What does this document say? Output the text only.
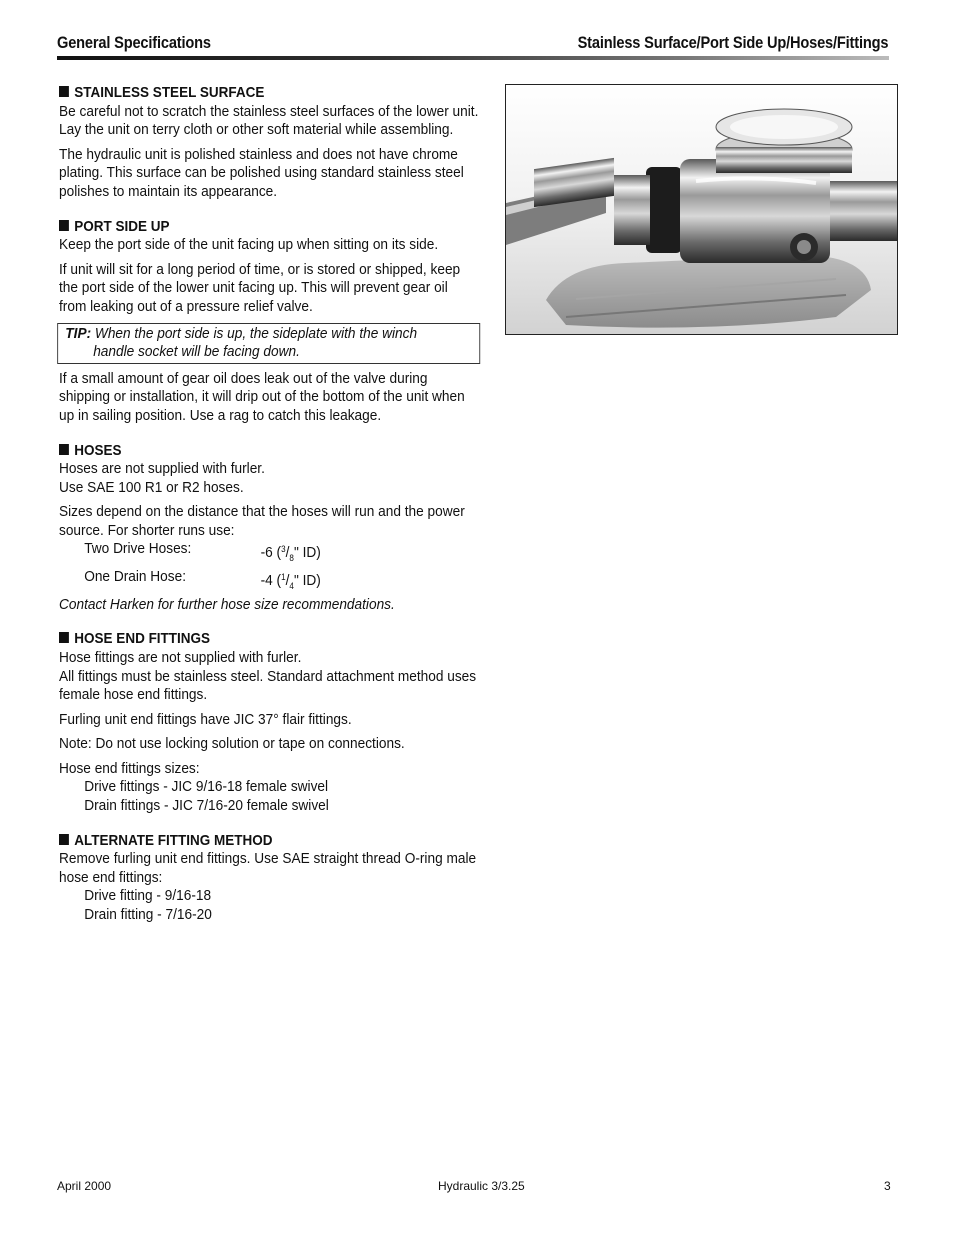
General Specifications	Stainless Surface/Port Side Up/Hoses/Fittings
STAINLESS STEEL SURFACE

Be careful not to scratch the stainless steel surfaces of the lower unit. Lay the unit on terry cloth or other soft material while assembling.

The hydraulic unit is polished stainless and does not have chrome plating. This surface can be polished using standard stainless steel polishes to maintain its appearance.

PORT SIDE UP

Keep the port side of the unit facing up when sitting on its side.

If unit will sit for a long period of time, or is stored or shipped, keep the port side of the lower unit facing up. This will prevent gear oil from leaking out of a pressure relief valve.

TIP: When the port side is up, the sideplate with the winch
handle socket will be facing down.

If a small amount of gear oil does leak out of the valve during shipping or installation, it will drip out of the bottom of the unit when up in sailing position. Use a rag to catch this leakage.

HOSES

Hoses are not supplied with furler.
Use SAE 100 R1 or R2 hoses.

Sizes depend on the distance that the hoses will run and the power source. For shorter runs use:

Two Drive Hoses:	-6 ($^3/_8$" ID)
One Drain Hose:	-4 ($^1/_4$" ID)

Contact Harken for further hose size recommendations.

HOSE END FITTINGS

Hose fittings are not supplied with furler.
All fittings must be stainless steel. Standard attachment method uses female hose end fittings.

Furling unit end fittings have JIC 37° flair fittings.

Note: Do not use locking solution or tape on connections.

Hose end fittings sizes:

Drive fittings - JIC 9/16-18 female swivel
Drain fittings - JIC 7/16-20 female swivel
ALTERNATE FITTING METHOD

Remove furling unit end fittings. Use SAE straight thread O-ring male hose end fittings:

Drive fitting - 9/16-18
Drain fitting - 7/16-20
April 2000	Hydraulic 3/3.25	3
